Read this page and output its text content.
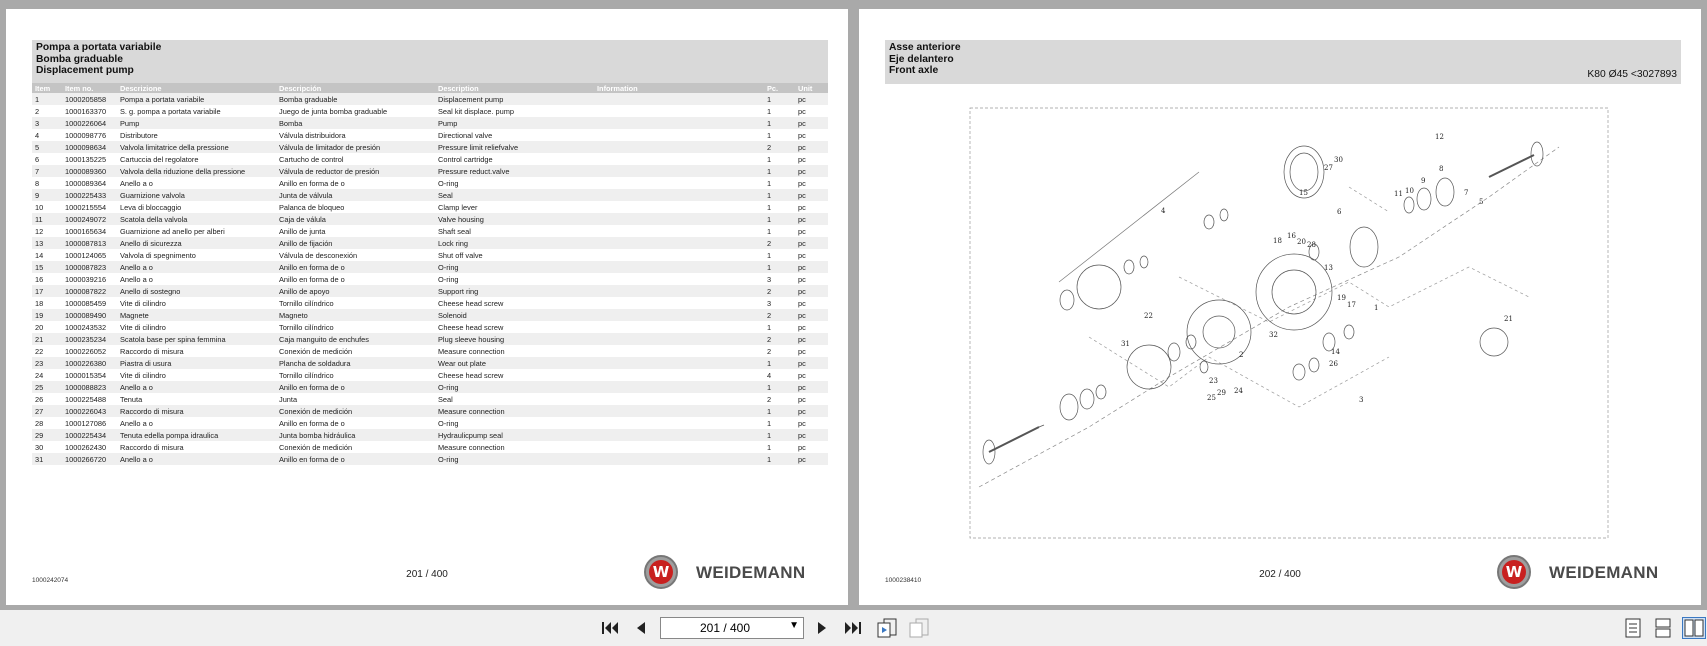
Pompa a portata variabile
Bomba graduable
Displacement pump
Item	Item no.	Descrizione	Descripción	Description	Information	Pc.	Unit
1	1000205858	Pompa a portata variabile	Bomba graduable	Displacement pump		1	pc
2	1000163370	S. g. pompa a portata variabile	Juego de junta bomba graduable	Seal kit displace. pump		1	pc
3	1000226064	Pump	Bomba	Pump		1	pc
4	1000098776	Distributore	Válvula distribuidora	Directional valve		1	pc
5	1000098634	Valvola limitatrice della pressione	Válvula de limitador de presión	Pressure limit reliefvalve		2	pc
6	1000135225	Cartuccia del regolatore	Cartucho de control	Control cartridge		1	pc
7	1000089360	Valvola della riduzione della pressione	Válvula de reductor de presión	Pressure reduct.valve		1	pc
8	1000089364	Anello a o	Anillo en forma de o	O-ring		1	pc
9	1000225433	Guarnizione valvola	Junta de válvula	Seal		1	pc
10	1000215554	Leva di bloccaggio	Palanca de bloqueo	Clamp lever		1	pc
11	1000249072	Scatola della valvola	Caja de válula	Valve housing		1	pc
12	1000165634	Guarnizione ad anello per alberi	Anillo de junta	Shaft seal		1	pc
13	1000087813	Anello di sicurezza	Anillo de fijación	Lock ring		2	pc
14	1000124065	Valvola di spegnimento	Válvula de desconexión	Shut off valve		1	pc
15	1000087823	Anello a o	Anillo en forma de o	O-ring		1	pc
16	1000039216	Anello a o	Anillo en forma de o	O-ring		3	pc
17	1000087822	Anello di sostegno	Anillo de apoyo	Support ring		2	pc
18	1000085459	Vite di cilindro	Tornillo cilíndrico	Cheese head screw		3	pc
19	1000089490	Magnete	Magneto	Solenoid		2	pc
20	1000243532	Vite di cilindro	Tornillo cilíndrico	Cheese head screw		1	pc
21	1000235234	Scatola base per spina femmina	Caja manguito de enchufes	Plug sleeve housing		2	pc
22	1000226052	Raccordo di misura	Conexión de medición	Measure connection		2	pc
23	1000226380	Piastra di usura	Plancha de soldadura	Wear out plate		1	pc
24	1000015354	Vite di cilindro	Tornillo cilíndrico	Cheese head screw		4	pc
25	1000088823	Anello a o	Anillo en forma de o	O-ring		1	pc
26	1000225488	Tenuta	Junta	Seal		2	pc
27	1000226043	Raccordo di misura	Conexión de medición	Measure connection		1	pc
28	1000127086	Anello a o	Anillo en forma de o	O-ring		1	pc
29	1000225434	Tenuta edella pompa idraulica	Junta bomba hidráulica	Hydraulicpump seal		1	pc
30	1000262430	Raccordo di misura	Conexión de medición	Measure connection		1	pc
31	1000266720	Anello a o	Anillo en forma de o	O-ring		1	pc
1000242074
201 / 400	W	WEIDEMANN
Asse anteriore
Eje delantero
Front axle	K80 Ø45 <3027893
1
2
3
4
5
6
7
8
9
10
11
12
13
14
15
16
17
18
19
20
21
22
23
24
25
26
27
28
29
30
31
32
1000238410
202 / 400	W	WEIDEMANN
201 / 400	▼
